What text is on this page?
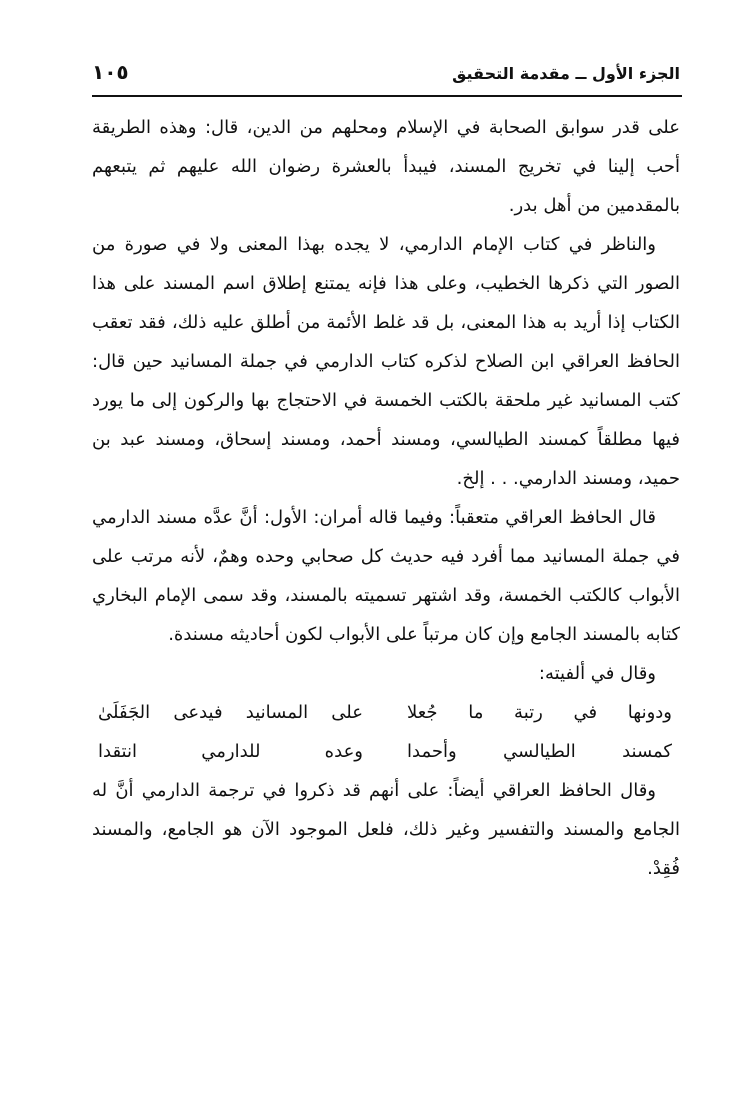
الجزء الأول ــ مقدمة التحقيق
١٠٥

على قدر سوابق الصحابة في الإسلام ومحلهم من الدين، قال: وهذه الطريقة أحب إلينا في تخريج المسند، فيبدأ بالعشرة رضوان الله عليهم ثم يتبعهم بالمقدمين من أهل بدر.

والناظر في كتاب الإمام الدارمي، لا يجده بهذا المعنى ولا في صورة من الصور التي ذكرها الخطيب، وعلى هذا فإنه يمتنع إطلاق اسم المسند على هذا الكتاب إذا أريد به هذا المعنى، بل قد غلط الأئمة من أطلق عليه ذلك، فقد تعقب الحافظ العراقي ابن الصلاح لذكره كتاب الدارمي في جملة المسانيد حين قال: كتب المسانيد غير ملحقة بالكتب الخمسة في الاحتجاج بها والركون إلى ما يورد فيها مطلقاً كمسند الطيالسي، ومسند أحمد، ومسند إسحاق، ومسند عبد بن حميد، ومسند الدارمي. . . إلخ.

قال الحافظ العراقي متعقباً: وفيما قاله أمران: الأول: أنَّ عدَّه مسند الدارمي في جملة المسانيد مما أفرد فيه حديث كل صحابي وحده وهمٌ، لأنه مرتب على الأبواب كالكتب الخمسة، وقد اشتهر تسميته بالمسند، وقد سمى الإمام البخاري كتابه بالمسند الجامع وإن كان مرتباً على الأبواب لكون أحاديثه مسندة.

وقال في ألفيته:

ودونها في رتبة ما جُعلا
على المسانيد فيدعى الجَفَلَىٰ
كمسند الطيالسي وأحمدا
وعده للدارمي انتقدا

وقال الحافظ العراقي أيضاً: على أنهم قد ذكروا في ترجمة الدارمي أنَّ له الجامع والمسند والتفسير وغير ذلك، فلعل الموجود الآن هو الجامع، والمسند فُقِدْ.
